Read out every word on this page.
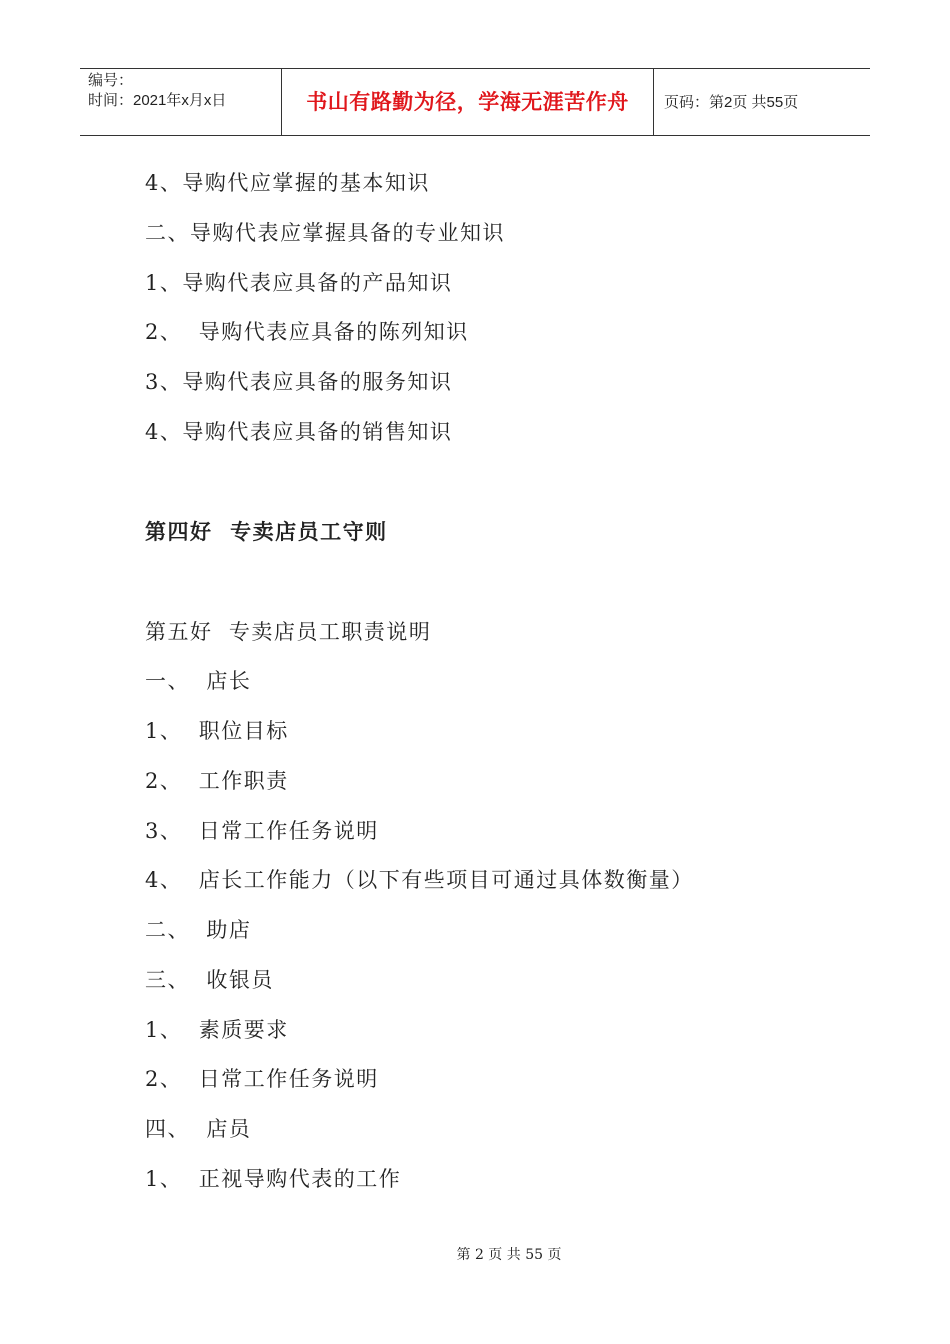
编号：
时间：2021年x月x日	书山有路勤为径，学海无涯苦作舟	页码：第2页 共55页
4、导购代应掌握的基本知识
二、导购代表应掌握具备的专业知识
1、导购代表应具备的产品知识
2、  导购代表应具备的陈列知识
3、导购代表应具备的服务知识
4、导购代表应具备的销售知识
第四好  专卖店员工守则
第五好  专卖店员工职责说明
一、  店长
1、  职位目标
2、  工作职责
3、  日常工作任务说明
4、  店长工作能力（以下有些项目可通过具体数衡量）
二、  助店
三、  收银员
1、  素质要求
2、  日常工作任务说明
四、  店员
1、  正视导购代表的工作
第 2 页 共 55 页
